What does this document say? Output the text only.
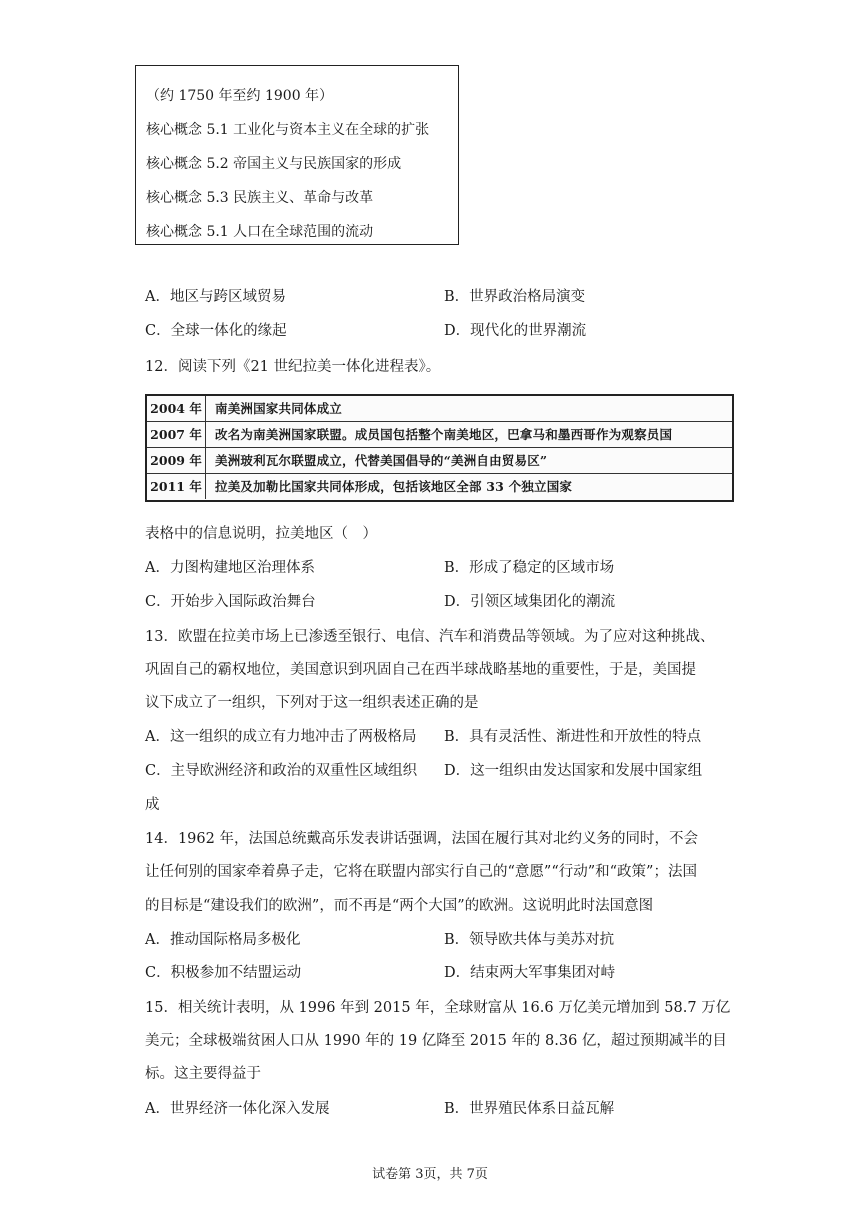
（约 1750 年至约 1900 年）
核心概念 5.1 工业化与资本主义在全球的扩张
核心概念 5.2 帝国主义与民族国家的形成
核心概念 5.3 民族主义、革命与改革
核心概念 5.1 人口在全球范围的流动
A．地区与跨区域贸易	B．世界政治格局演变
C．全球一体化的缘起	D．现代化的世界潮流
12．阅读下列《21 世纪拉美一体化进程表》。
2004 年	南美洲国家共同体成立
2007 年	改名为南美洲国家联盟。成员国包括整个南美地区，巴拿马和墨西哥作为观察员国
2009 年	美洲玻利瓦尔联盟成立，代替美国倡导的“美洲自由贸易区”
2011 年	拉美及加勒比国家共同体形成，包括该地区全部 33 个独立国家
表格中的信息说明，拉美地区（　）
A．力图构建地区治理体系	B．形成了稳定的区域市场
C．开始步入国际政治舞台	D．引领区域集团化的潮流
13．欧盟在拉美市场上已渗透至银行、电信、汽车和消费品等领域。为了应对这种挑战、
巩固自己的霸权地位，美国意识到巩固自己在西半球战略基地的重要性，于是，美国提
议下成立了一组织，下列对于这一组织表述正确的是
A．这一组织的成立有力地冲击了两极格局 B．具有灵活性、渐进性和开放性的特点
C．主导欧洲经济和政治的双重性区域组织 D．这一组织由发达国家和发展中国家组
成
14．1962 年，法国总统戴高乐发表讲话强调，法国在履行其对北约义务的同时，不会
让任何别的国家牵着鼻子走，它将在联盟内部实行自己的“意愿”“行动”和“政策”；法国
的目标是“建设我们的欧洲”，而不再是“两个大国”的欧洲。这说明此时法国意图
A．推动国际格局多极化	B．领导欧共体与美苏对抗
C．积极参加不结盟运动	D．结束两大军事集团对峙
15．相关统计表明，从 1996 年到 2015 年，全球财富从 16.6 万亿美元增加到 58.7 万亿
美元；全球极端贫困人口从 1990 年的 19 亿降至 2015 年的 8.36 亿，超过预期减半的目
标。这主要得益于
A．世界经济一体化深入发展	B．世界殖民体系日益瓦解
试卷第 3页，共 7页
